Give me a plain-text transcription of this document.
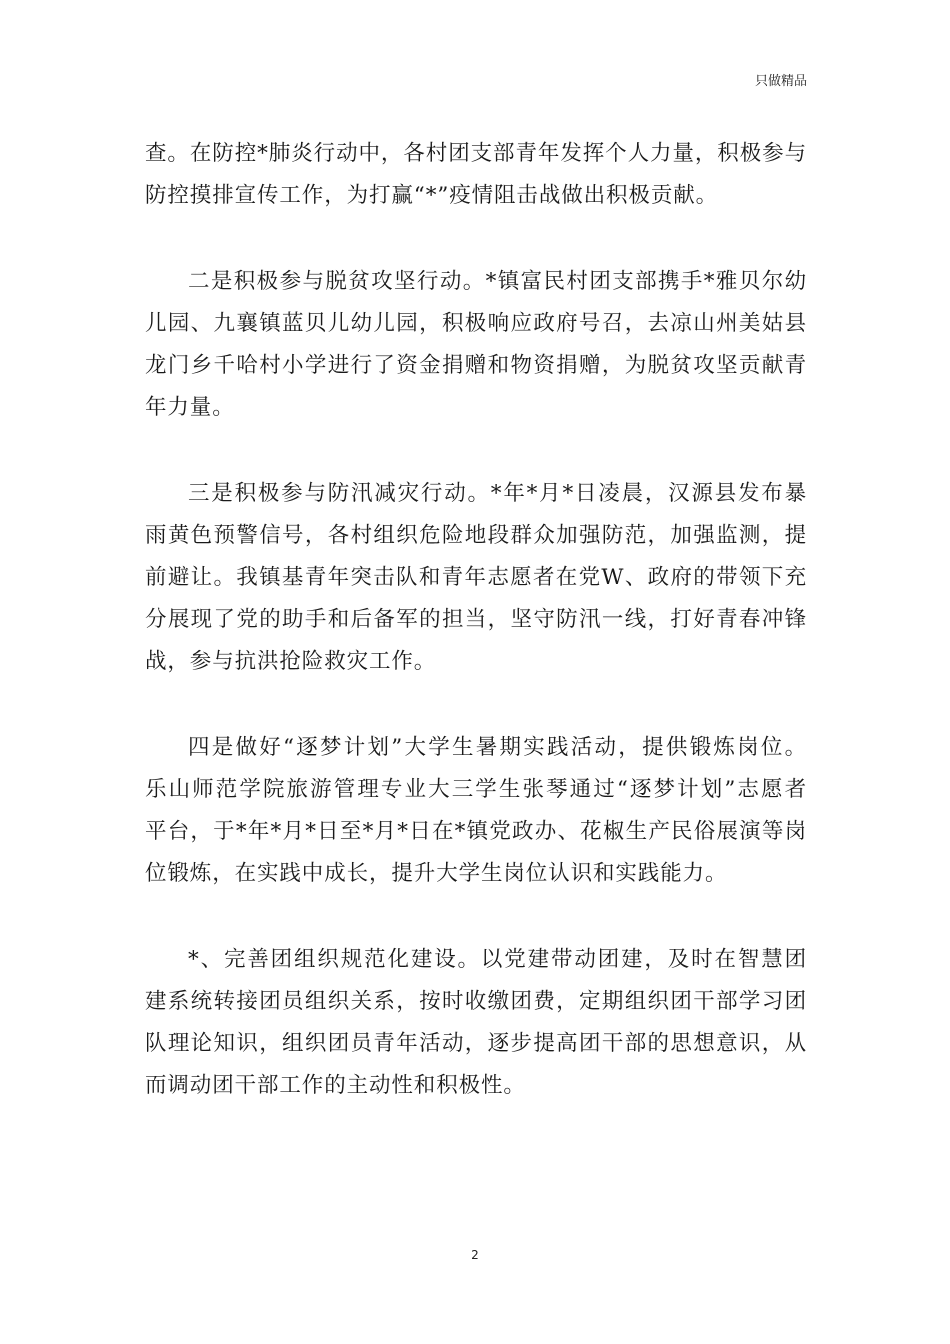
只做精品
查。在防控*肺炎行动中，各村团支部青年发挥个人力量，积极参与
防控摸排宣传工作，为打赢“*”疫情阻击战做出积极贡献。
二是积极参与脱贫攻坚行动。*镇富民村团支部携手*雅贝尔幼
儿园、九襄镇蓝贝儿幼儿园，积极响应政府号召，去凉山州美姑县
龙门乡千哈村小学进行了资金捐赠和物资捐赠，为脱贫攻坚贡献青
年力量。
三是积极参与防汛减灾行动。*年*月*日凌晨，汉源县发布暴
雨黄色预警信号，各村组织危险地段群众加强防范，加强监测，提
前避让。我镇基青年突击队和青年志愿者在党W、政府的带领下充
分展现了党的助手和后备军的担当，坚守防汛一线，打好青春冲锋
战，参与抗洪抢险救灾工作。
四是做好“逐梦计划”大学生暑期实践活动，提供锻炼岗位。
乐山师范学院旅游管理专业大三学生张琴通过“逐梦计划”志愿者
平台，于*年*月*日至*月*日在*镇党政办、花椒生产民俗展演等岗
位锻炼，在实践中成长，提升大学生岗位认识和实践能力。
*、完善团组织规范化建设。以党建带动团建，及时在智慧团
建系统转接团员组织关系，按时收缴团费，定期组织团干部学习团
队理论知识，组织团员青年活动，逐步提高团干部的思想意识，从
而调动团干部工作的主动性和积极性。
2
